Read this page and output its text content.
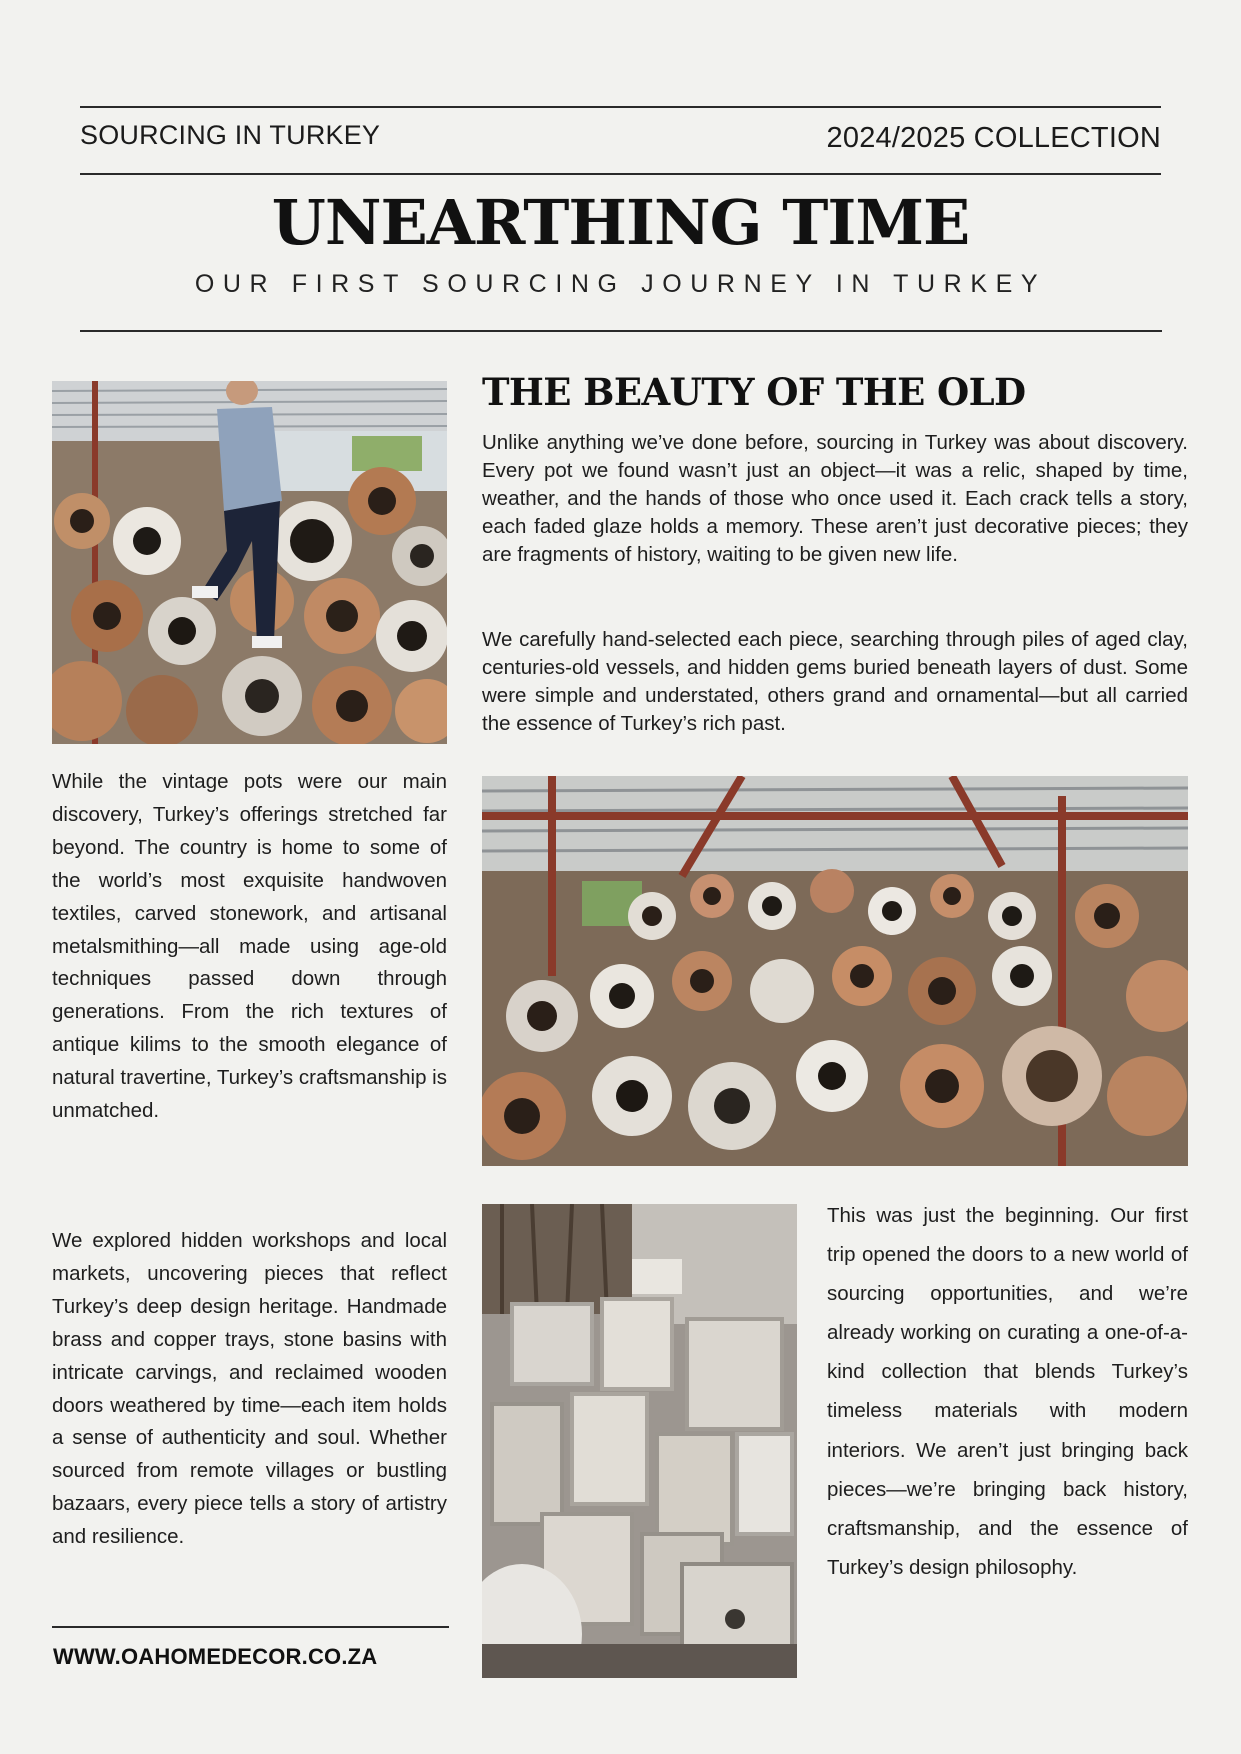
SOURCING IN TURKEY	2024/2025 COLLECTION
UNEARTHING TIME
OUR FIRST SOURCING JOURNEY IN TURKEY
THE BEAUTY OF THE OLD
Unlike anything we’ve done before, sourcing in Turkey was about discovery. Every pot we found wasn’t just an object—it was a relic, shaped by time, weather, and the hands of those who once used it. Each crack tells a story, each faded glaze holds a memory. These aren’t just decorative pieces; they are fragments of history, waiting to be given new life.
We carefully hand-selected each piece, searching through piles of aged clay, centuries-old vessels, and hidden gems buried beneath layers of dust. Some were simple and understated, others grand and ornamental—but all carried the essence of Turkey’s rich past.
While the vintage pots were our main discovery, Turkey’s offerings stretched far beyond. The country is home to some of the world’s most exquisite handwoven textiles, carved stonework, and artisanal metalsmithing—all made using age-old techniques passed down through generations. From the rich textures of antique kilims to the smooth elegance of natural travertine, Turkey’s craftsmanship is unmatched.
We explored hidden workshops and local markets, uncovering pieces that reflect Turkey’s deep design heritage. Handmade brass and copper trays, stone basins with intricate carvings, and reclaimed wooden doors weathered by time—each item holds a sense of authenticity and soul. Whether sourced from remote villages or bustling bazaars, every piece tells a story of artistry and resilience.
This was just the beginning. Our first trip opened the doors to a new world of sourcing opportunities, and we’re already working on curating a one-of-a-kind collection that blends Turkey’s timeless materials with modern interiors. We aren’t just bringing back pieces—we’re bringing back history, craftsmanship, and the essence of Turkey’s design philosophy.
WWW.OAHOMEDECOR.CO.ZA
